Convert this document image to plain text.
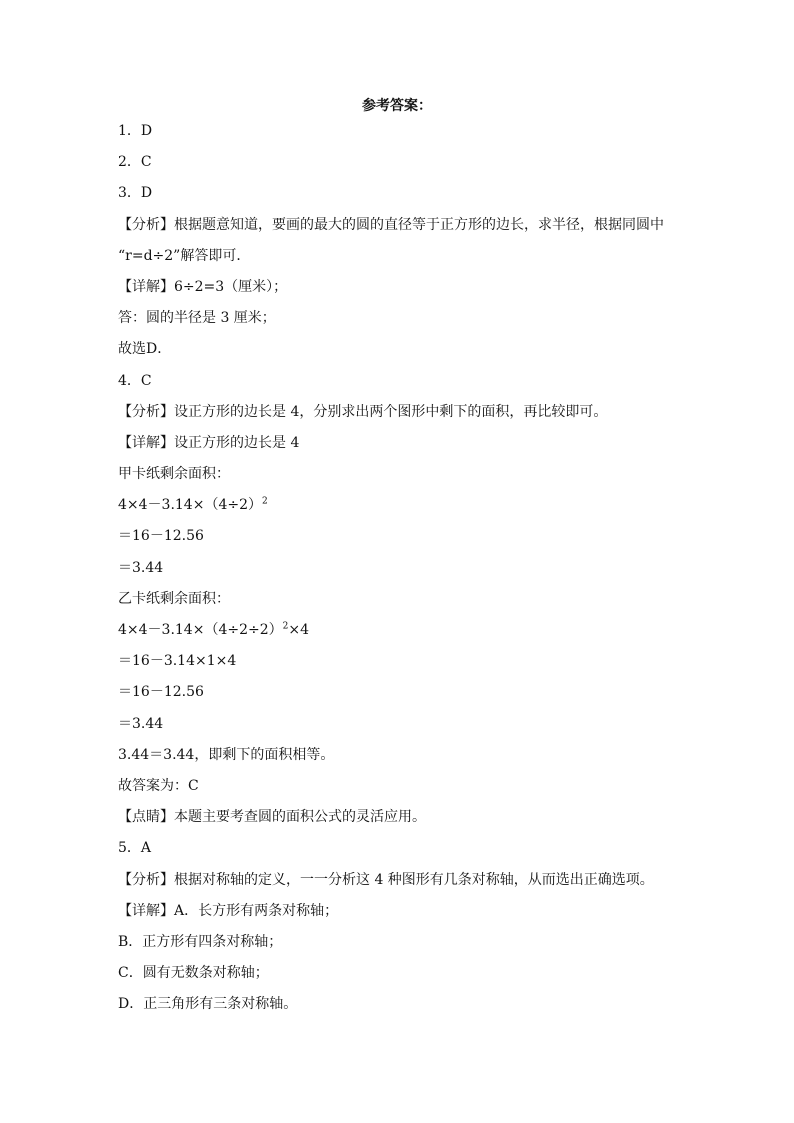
参考答案：
1．D
2．C
3．D
【分析】根据题意知道，要画的最大的圆的直径等于正方形的边长，求半径，根据同圆中
“r=d÷2”解答即可．
【详解】6÷2=3（厘米）；
答：圆的半径是 3 厘米；
故选D．
4．C
【分析】设正方形的边长是 4，分别求出两个图形中剩下的面积，再比较即可。
【详解】设正方形的边长是 4
甲卡纸剩余面积：
$4\times 4-3.14\times(4\div 2)^2$
＝16－12.56
＝3.44
乙卡纸剩余面积：
$4\times 4-3.14\times(4\div 2\div 2)^2\times 4$
＝16－3.14×1×4
＝16－12.56
＝3.44
3.44＝3.44，即剩下的面积相等。
故答案为：C
【点睛】本题主要考查圆的面积公式的灵活应用。
5．A
【分析】根据对称轴的定义，一一分析这 4 种图形有几条对称轴，从而选出正确选项。
【详解】A．长方形有两条对称轴；
B．正方形有四条对称轴；
C．圆有无数条对称轴；
D．正三角形有三条对称轴。
